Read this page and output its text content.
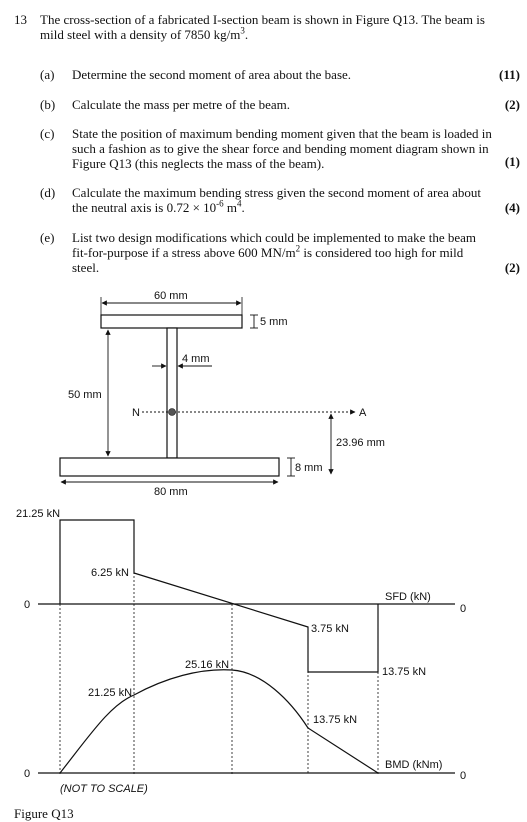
13 The cross-section of a fabricated I-section beam is shown in Figure Q13. The beam is mild steel with a density of 7850 $kg/m^3$.
(a) Determine the second moment of area about the base.	(11)
(b) Calculate the mass per metre of the beam.	(2)
(c) State the position of maximum bending moment given that the beam is loaded in such a fashion as to give the shear force and bending moment diagram shown in Figure Q13 (this neglects the mass of the beam).	(1)
(d) Calculate the maximum bending stress given the second moment of area about the neutral axis is $0.72 \times 10^{-6}$ $m^4$.	(4)
(e) List two design modifications which could be implemented to make the beam fit-for-purpose if a stress above 600 $MN/m^2$ is considered too high for mild steel.	(2)
60 mm
5 mm
4 mm
50 mm
N	A
23.96 mm
8 mm
80 mm
0	0
21.25 kN
6.25 kN
3.75 kN
13.75 kN
SFD (kN)
0	0
21.25 kN
25.16 kN
13.75 kN
BMD (kNm)
(NOT TO SCALE)
Figure Q13
